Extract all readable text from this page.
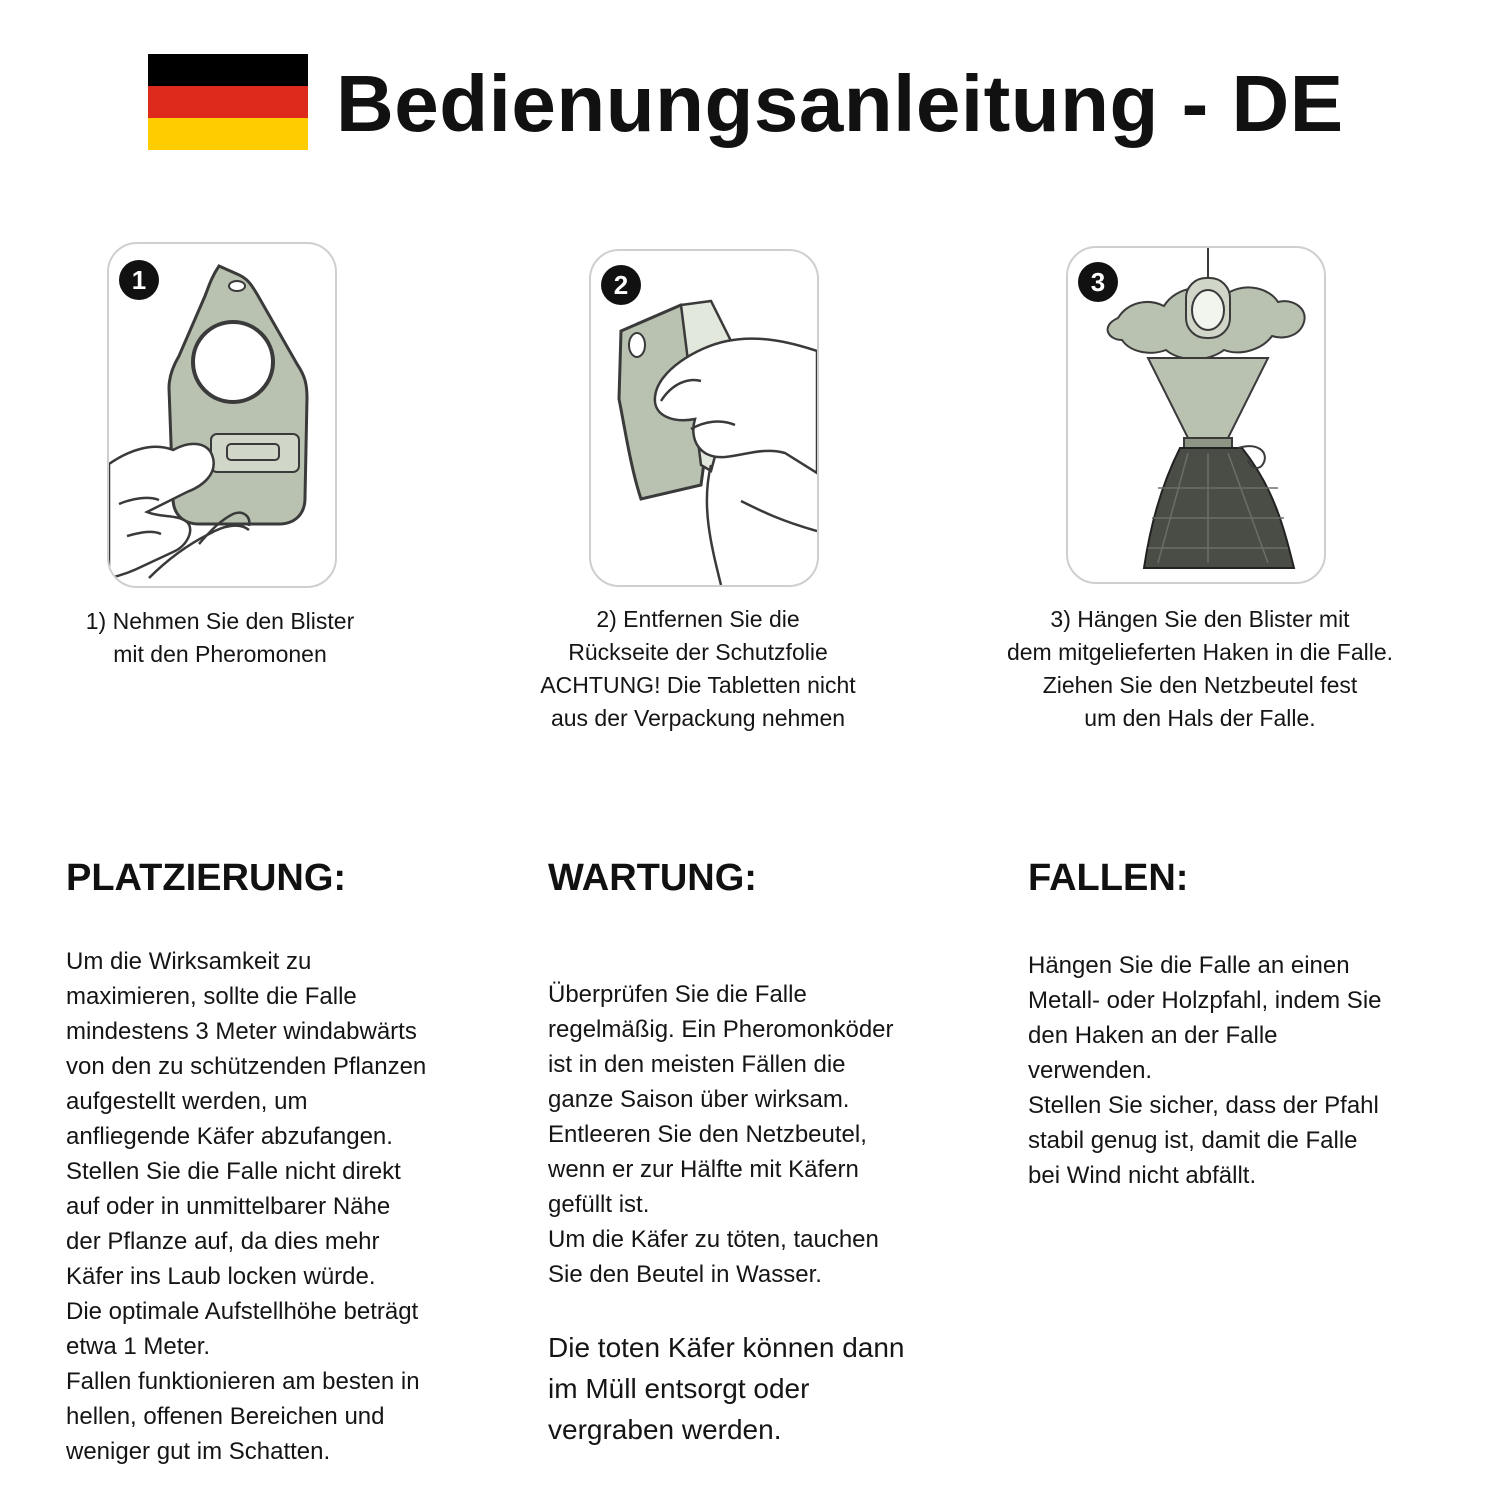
Bedienungsanleitung - DE
1

1) Nehmen Sie den Blister
mit den Pheromonen

2

2) Entfernen Sie die
Rückseite der Schutzfolie
ACHTUNG! Die Tabletten nicht
aus der Verpackung nehmen

3

3) Hängen Sie den Blister mit
dem mitgelieferten Haken in die Falle.
Ziehen Sie den Netzbeutel fest
um den Hals der Falle.

PLATZIERUNG:

Um die Wirksamkeit zu
maximieren, sollte die Falle
mindestens 3 Meter windabwärts
von den zu schützenden Pflanzen
aufgestellt werden, um
anfliegende Käfer abzufangen.
Stellen Sie die Falle nicht direkt
auf oder in unmittelbarer Nähe
der Pflanze auf, da dies mehr
Käfer ins Laub locken würde.
Die optimale Aufstellhöhe beträgt
etwa 1 Meter.
Fallen funktionieren am besten in
hellen, offenen Bereichen und
weniger gut im Schatten.

WARTUNG:

Überprüfen Sie die Falle
regelmäßig. Ein Pheromonköder
ist in den meisten Fällen die
ganze Saison über wirksam.
Entleeren Sie den Netzbeutel,
wenn er zur Hälfte mit Käfern
gefüllt ist.
Um die Käfer zu töten, tauchen
Sie den Beutel in Wasser.

Die toten Käfer können dann
im Müll entsorgt oder
vergraben werden.

FALLEN:

Hängen Sie die Falle an einen
Metall- oder Holzpfahl, indem Sie
den Haken an der Falle
verwenden.
Stellen Sie sicher, dass der Pfahl
stabil genug ist, damit die Falle
bei Wind nicht abfällt.
